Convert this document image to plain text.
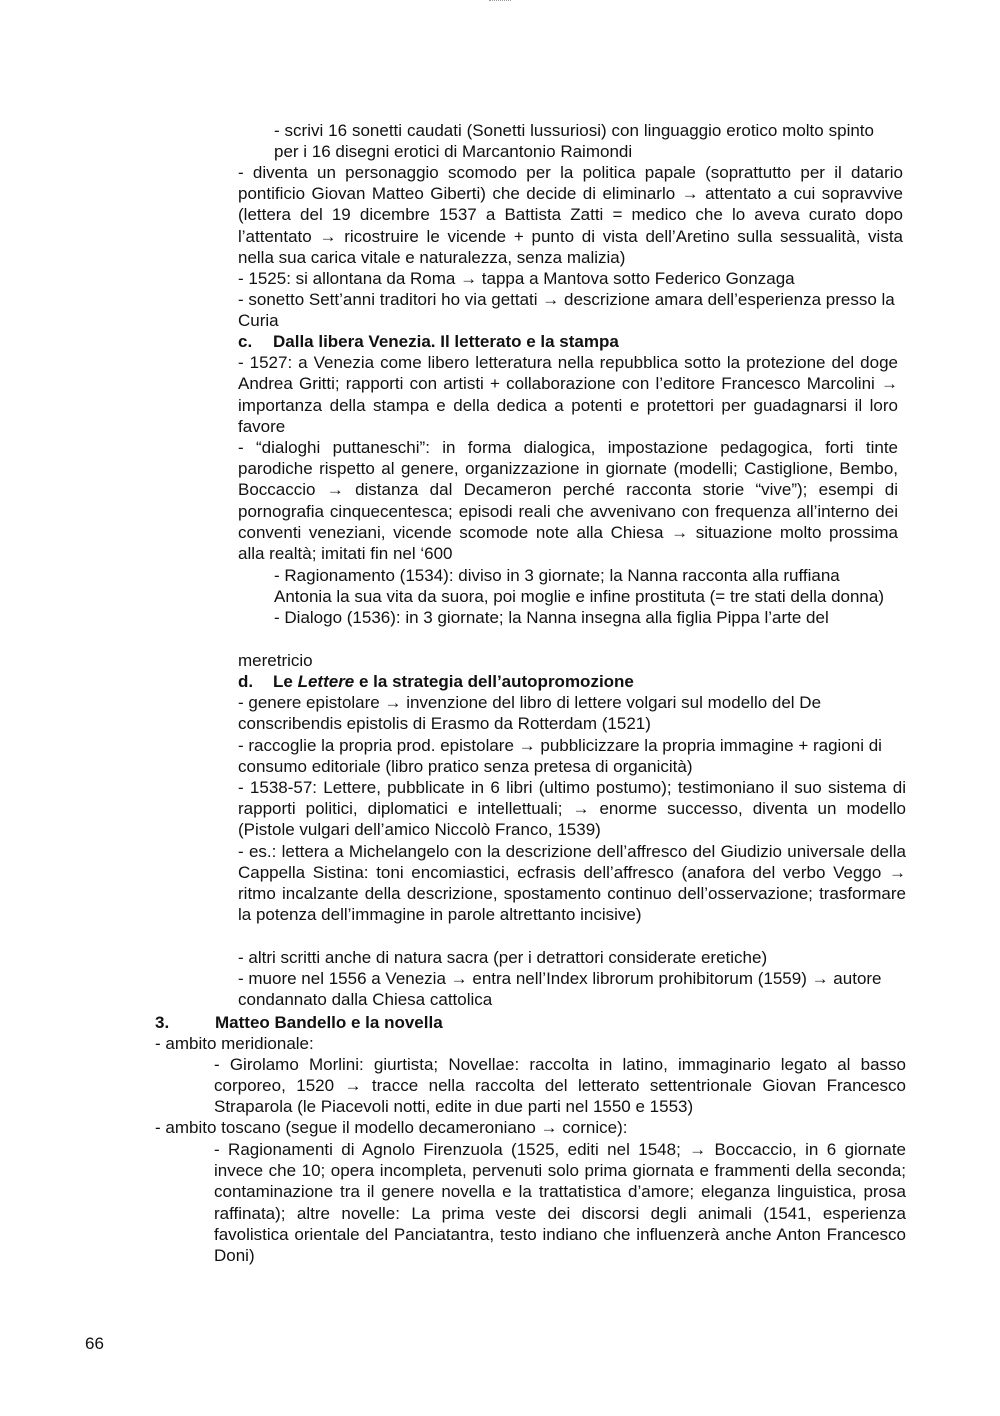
- scrivi 16 sonetti caudati (Sonetti lussuriosi) con linguaggio erotico molto spinto per i 16 disegni erotici di Marcantonio Raimondi

- diventa un personaggio scomodo per la politica papale (soprattutto per il datario pontificio Giovan Matteo Giberti) che decide di eliminarlo → attentato a cui sopravvive (lettera del 19 dicembre 1537 a Battista Zatti = medico che lo aveva curato dopo l’attentato → ricostruire le vicende + punto di vista dell’Aretino sulla sessualità, vista nella sua carica vitale e naturalezza, senza malizia)

- 1525: si allontana da Roma → tappa a Mantova sotto Federico Gonzaga

- sonetto Sett’anni traditori ho via gettati → descrizione amara dell’esperienza presso la Curia

c. Dalla libera Venezia. Il letterato e la stampa

- 1527: a Venezia come libero letteratura nella repubblica sotto la protezione del doge Andrea Gritti; rapporti con artisti + collaborazione con l’editore Francesco Marcolini → importanza della stampa e della dedica a potenti e protettori per guadagnarsi il loro favore

- “dialoghi puttaneschi”: in forma dialogica, impostazione pedagogica, forti tinte parodiche rispetto al genere, organizzazione in giornate (modelli; Castiglione, Bembo, Boccaccio → distanza dal Decameron perché racconta storie “vive”); esempi di pornografia cinquecentesca; episodi reali che avvenivano con frequenza all’interno dei conventi veneziani, vicende scomode note alla Chiesa → situazione molto prossima alla realtà; imitati fin nel ‘600

- Ragionamento (1534): diviso in 3 giornate; la Nanna racconta alla ruffiana Antonia la sua vita da suora, poi moglie e infine prostituta (= tre stati della donna)

- Dialogo (1536): in 3 giornate; la Nanna insegna alla figlia Pippa l’arte del

meretricio

d. Le Lettere e la strategia dell’autopromozione

- genere epistolare → invenzione del libro di lettere volgari sul modello del De conscribendis epistolis di Erasmo da Rotterdam (1521)

- raccoglie la propria prod. epistolare → pubblicizzare la propria immagine + ragioni di consumo editoriale (libro pratico senza pretesa di organicità)

- 1538-57: Lettere, pubblicate in 6 libri (ultimo postumo); testimoniano il suo sistema di rapporti politici, diplomatici e intellettuali; → enorme successo, diventa un modello (Pistole vulgari dell’amico Niccolò Franco, 1539)

- es.: lettera a Michelangelo con la descrizione dell’affresco del Giudizio universale della Cappella Sistina: toni encomiastici, ecfrasis dell’affresco (anafora del verbo Veggo → ritmo incalzante della descrizione, spostamento continuo dell’osservazione; trasformare la potenza dell’immagine in parole altrettanto incisive)

- altri scritti anche di natura sacra (per i detrattori considerate eretiche)

- muore nel 1556 a Venezia → entra nell’Index librorum prohibitorum (1559) → autore condannato dalla Chiesa cattolica

3.	Matteo Bandello e la novella

- ambito meridionale:

- Girolamo Morlini: giurtista; Novellae: raccolta in latino, immaginario legato al basso corporeo, 1520 → tracce nella raccolta del letterato settentrionale Giovan Francesco Straparola (le Piacevoli notti, edite in due parti nel 1550 e 1553)

- ambito toscano (segue il modello decameroniano → cornice):

- Ragionamenti di Agnolo Firenzuola (1525, editi nel 1548; → Boccaccio, in 6 giornate invece che 10; opera incompleta, pervenuti solo prima giornata e frammenti della seconda; contaminazione tra il genere novella e la trattatistica d’amore; eleganza linguistica, prosa raffinata); altre novelle: La prima veste dei discorsi degli animali (1541, esperienza favolistica orientale del Panciatantra, testo indiano che influenzerà anche Anton Francesco Doni)

66
